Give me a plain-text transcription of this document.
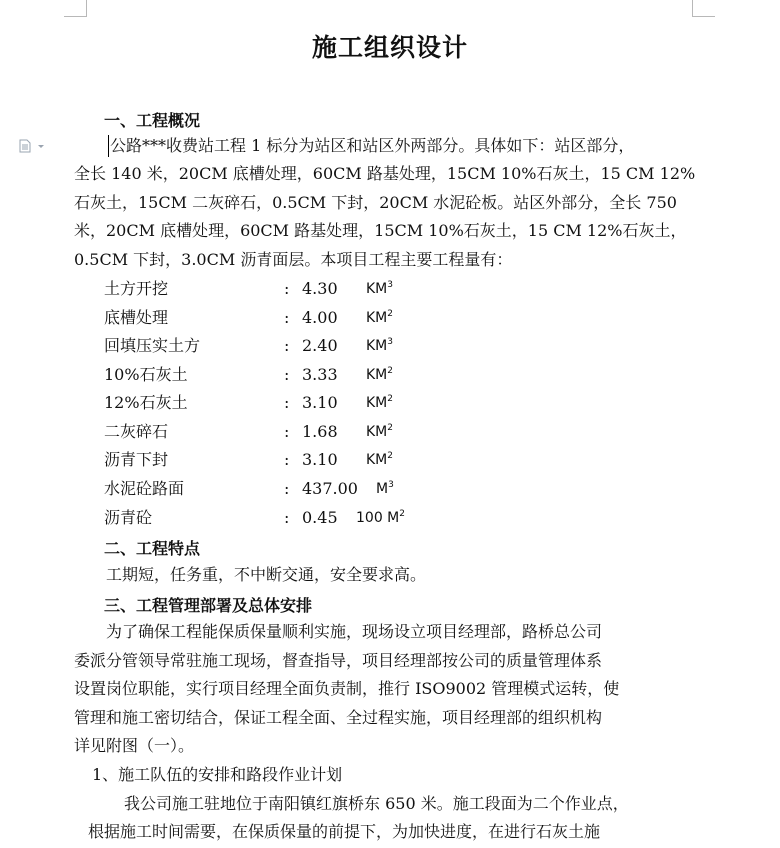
施工组织设计
一、工程概况
公路***收费站工程 1 标分为站区和站区外两部分。具体如下：站区部分，
全长 140 米，20CM 底槽处理，60CM 路基处理，15CM 10%石灰土，15 CM 12%
石灰土，15CM 二灰碎石，0.5CM 下封，20CM 水泥砼板。站区外部分，全长 750
米，20CM 底槽处理，60CM 路基处理，15CM 10%石灰土，15 CM 12%石灰土，
0.5CM 下封，3.0CM 沥青面层。本项目工程主要工程量有：
土方开挖	: 4.30 $KM^3$
底槽处理	: 4.00 $KM^2$
回填压实土方	: 2.40 $KM^3$
10%石灰土	: 3.33 $KM^2$
12%石灰土	: 3.10 $KM^2$
二灰碎石	: 1.68 $KM^2$
沥青下封	: 3.10 $KM^2$
水泥砼路面	: 437.00 $M^3$
沥青砼	: 0.45 100 $M^2$
二、工程特点
工期短，任务重，不中断交通，安全要求高。
三、工程管理部署及总体安排
为了确保工程能保质保量顺利实施，现场设立项目经理部，路桥总公司
委派分管领导常驻施工现场，督查指导，项目经理部按公司的质量管理体系
设置岗位职能，实行项目经理全面负责制，推行 ISO9002 管理模式运转，使
管理和施工密切结合，保证工程全面、全过程实施，项目经理部的组织机构
详见附图（一）。
1、施工队伍的安排和路段作业计划
我公司施工驻地位于南阳镇红旗桥东 650 米。施工段面为二个作业点，
根据施工时间需要，在保质保量的前提下，为加快进度，在进行石灰土施
